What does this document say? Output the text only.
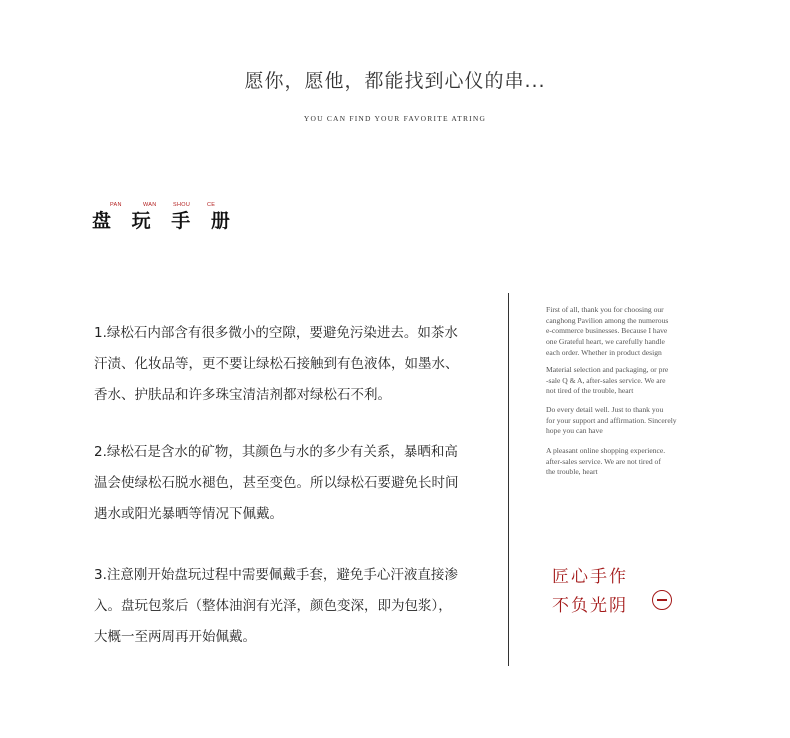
愿你，愿他，都能找到心仪的串...
YOU CAN FIND YOUR FAVORITE ATRING
盘 玩 手 册
PAN	WAN	SHOU	CE
1.绿松石内部含有很多微小的空隙，要避免污染进去。如茶水
汗渍、化妆品等，更不要让绿松石接触到有色液体，如墨水、
香水、护肤品和许多珠宝清洁剂都对绿松石不利。
2.绿松石是含水的矿物，其颜色与水的多少有关系，暴晒和高
温会使绿松石脱水褪色，甚至变色。所以绿松石要避免长时间
遇水或阳光暴晒等情况下佩戴。
3.注意刚开始盘玩过程中需要佩戴手套，避免手心汗液直接渗
入。盘玩包浆后（整体油润有光泽，颜色变深，即为包浆），
大概一至两周再开始佩戴。
First of all, thank you for choosing our
canghong Pavilion among the numerous
e-commerce businesses. Because I have
one Grateful heart, we carefully handle
each order. Whether in product design
Material selection and packaging, or pre
-sale Q & A, after-sales service. We are
not tired of the trouble, heart
Do every detail well. Just to thank you
for your support and affirmation. Sincerely
hope you can have
A pleasant online shopping experience.
after-sales service. We are not tired of
the trouble, heart
匠心手作
不负光阴
